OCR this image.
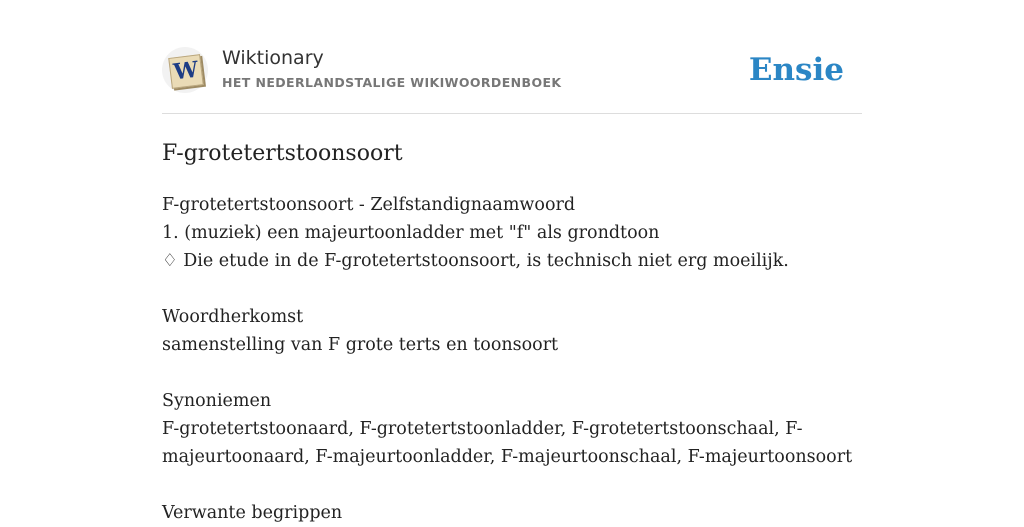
W Wiktionary
HET NEDERLANDSTALIGE WIKIWOORDENBOEK	Ensie
F-grotetertstoonsoort
F-grotetertstoonsoort - Zelfstandignaamwoord
1. (muziek) een majeurtoonladder met "f" als grondtoon
♢ Die etude in de F-grotetertstoonsoort, is technisch niet erg moeilijk.
Woordherkomst
samenstelling van F grote terts en toonsoort
Synoniemen
F-grotetertstoonaard, F-grotetertstoonladder, F-grotetertstoonschaal, F-
majeurtoonaard, F-majeurtoonladder, F-majeurtoonschaal, F-majeurtoonsoort
Verwante begrippen
